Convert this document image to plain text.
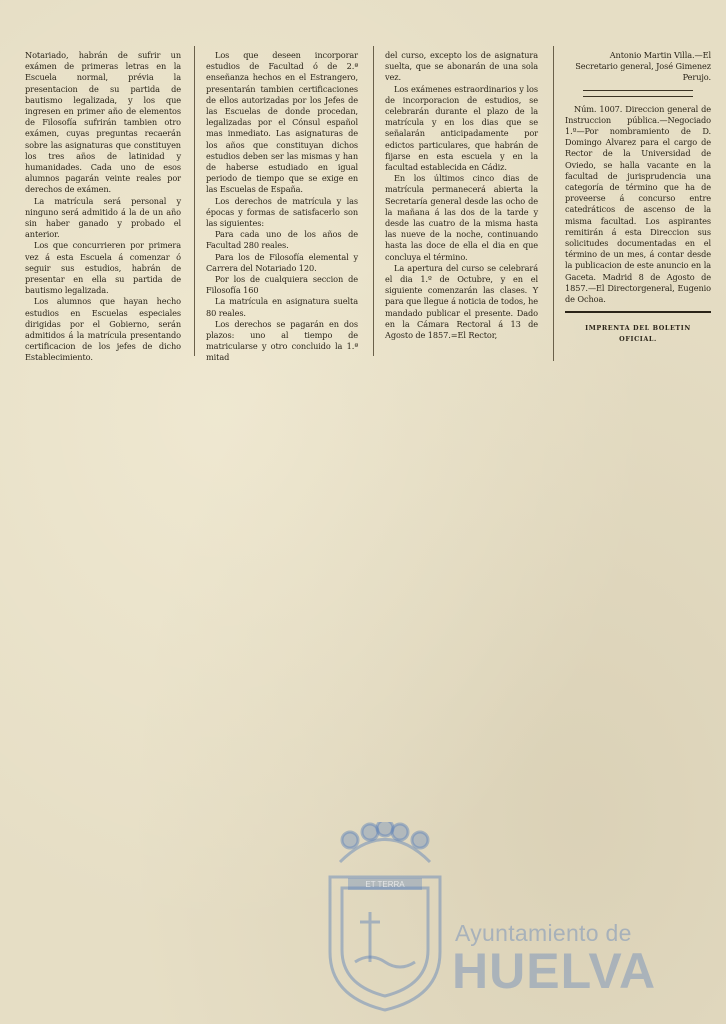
Notariado, habrán de sufrir un exámen de primeras letras en la Escuela normal, prévia la presentacion de su partida de bautismo legalizada, y los que ingresen en primer año de elementos de Filosofía sufrirán tambien otro exámen, cuyas preguntas recaerán sobre las asignaturas que constituyen los tres años de latinidad y humanidades. Cada uno de esos alumnos pagarán veinte reales por derechos de exámen.

La matrícula será personal y ninguno será admitido á la de un año sin haber ganado y probado el anterior.

Los que concurrieren por primera vez á esta Escuela á comenzar ó seguir sus estudios, habrán de presentar en ella su partida de bautismo legalizada.

Los alumnos que hayan hecho estudios en Escuelas especiales dirigidas por el Gobierno, serán admitidos á la matrícula presentando certificacion de los jefes de dicho Establecimiento.

Los que deseen incorporar estudios de Facultad ó de 2.ª enseñanza hechos en el Estrangero, presentarán tambien certificaciones de ellos autorizadas por los Jefes de las Escuelas de donde procedan, legalizadas por el Cónsul español mas inmediato. Las asignaturas de los años que constituyan dichos estudios deben ser las mismas y han de haberse estudiado en igual periodo de tiempo que se exige en las Escuelas de España.

Los derechos de matrícula y las épocas y formas de satisfacerlo son las siguientes:

Para cada uno de los años de Facultad 280 reales.

Para los de Filosofía elemental y Carrera del Notariado 120.

Por los de cualquiera seccion de Filosofía 160

La matrícula en asignatura suelta 80 reales.

Los derechos se pagarán en dos plazos: uno al tiempo de matricularse y otro concluido la 1.ª mitad

del curso, excepto los de asignatura suelta, que se abonarán de una sola vez.

Los exámenes estraordinarios y los de incorporacion de estudios, se celebrarán durante el plazo de la matrícula y en los dias que se señalarán anticipadamente por edictos particulares, que habrán de fijarse en esta escuela y en la facultad establecida en Cádiz.

En los últimos cinco dias de matrícula permanecerá abierta la Secretaría general desde las ocho de la mañana á las dos de la tarde y desde las cuatro de la misma hasta las nueve de la noche, continuando hasta las doce de ella el dia en que concluya el término.

La apertura del curso se celebrará el dia 1.º de Octubre, y en el siguiente comenzarán las clases. Y para que llegue á noticia de todos, he mandado publicar el presente. Dado en la Cámara Rectoral á 13 de Agosto de 1857.=El Rector,

Antonio Martin Villa.—El Secretario general, José Gimenez Perujo.

Núm. 1007. Direccion general de Instruccion pública.—Negociado 1.º—Por nombramiento de D. Domingo Alvarez para el cargo de Rector de la Universidad de Oviedo, se halla vacante en la facultad de jurisprudencia una categoría de término que ha de proveerse á concurso entre catedráticos de ascenso de la misma facultad. Los aspirantes remitirán á esta Direccion sus solicitudes documentadas en el término de un mes, á contar desde la publicacion de este anuncio en la Gaceta. Madrid 8 de Agosto de 1857.—El Directorgeneral, Eugenio de Ochoa.

IMPRENTA DEL BOLETIN OFICIAL.
ET TERRA
Ayuntamiento de
HUELVA
